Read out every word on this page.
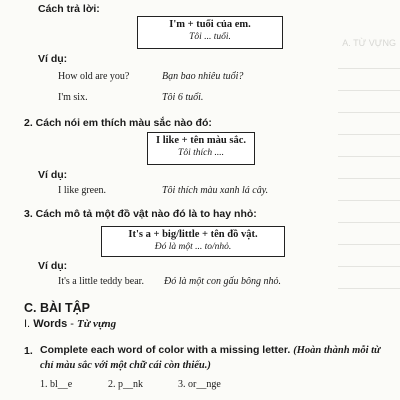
A. TỪ VỰNG
Cách trả lời:
I'm + tuổi của em.
Tôi ... tuổi.
Ví dụ:
How old are you?	Bạn bao nhiêu tuổi?
I'm six.	Tôi 6 tuổi.
2. Cách nói em thích màu sắc nào đó:
I like + tên màu sắc.
Tôi thích ....
Ví dụ:
I like green.	Tôi thích màu xanh lá cây.
3. Cách mô tả một đồ vật nào đó là to hay nhỏ:
It's a + big/little + tên đồ vật.
Đó là một ... to/nhỏ.
Ví dụ:
It's a little teddy bear. Đó là một con gấu bông nhỏ.
C. BÀI TẬP
I. Words - Từ vựng
1. Complete each word of color with a missing letter. (Hoàn thành mỗi từ chỉ màu sắc với một chữ cái còn thiếu.)
1. bl__e	2. p__nk	3. or__nge
